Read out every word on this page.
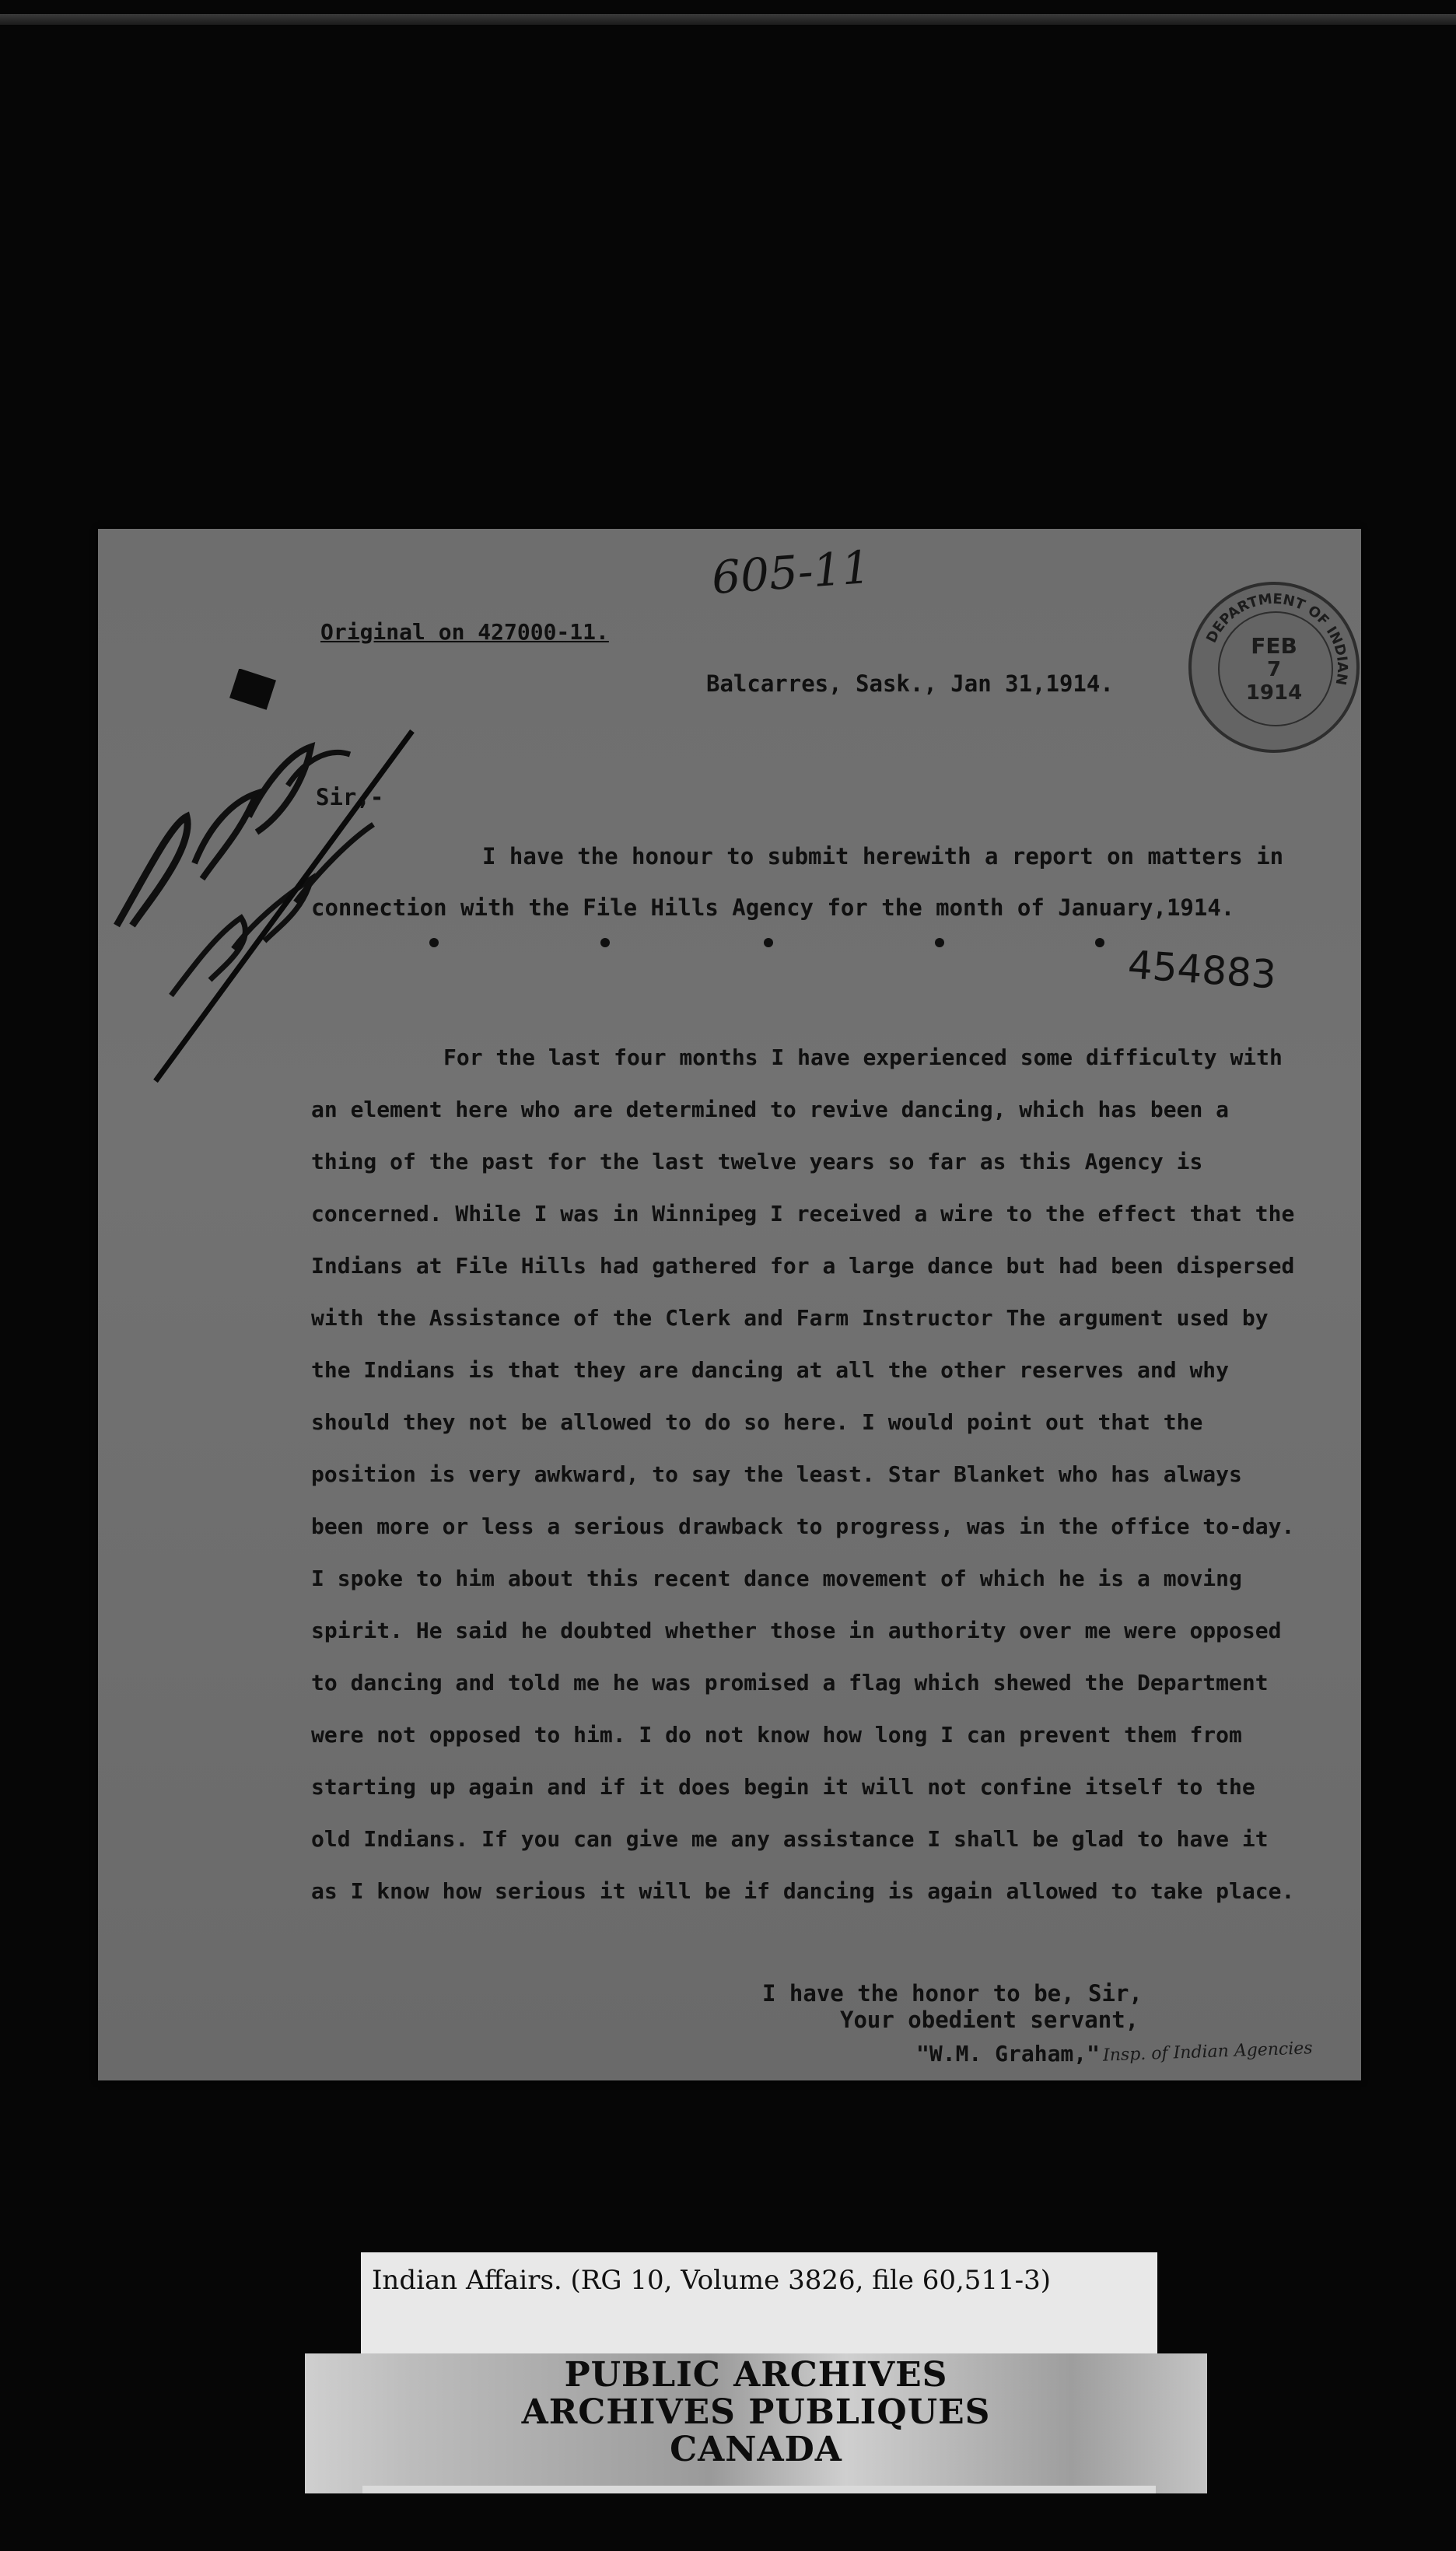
605-11
Original on 427000-11.
Balcarres, Sask., Jan 31,1914.
DEPARTMENT OF INDIAN
FEB
7
1914
Sir,-
I have the honour to submit herewith a report on matters in connection with the File Hills Agency for the month of January,1914.
454883
For the last four months I have experienced some difficulty with an element here who are determined to revive dancing, which has been a thing of the past for the last twelve years so far as this Agency is concerned. While I was in Winnipeg I received a wire to the effect that the Indians at File Hills had gathered for a large dance but had been dispersed with the Assistance of the Clerk and Farm Instructor The argument used by the Indians is that they are dancing at all the other reserves and why should they not be allowed to do so here. I would point out that the position is very awkward, to say the least. Star Blanket who has always been more or less a serious drawback to progress, was in the office to-day. I spoke to him about this recent dance movement of which he is a moving spirit. He said he doubted whether those in authority over me were opposed to dancing and told me he was promised a flag which shewed the Department were not opposed to him. I do not know how long I can prevent them from starting up again and if it does begin it will not confine itself to the old Indians. If you can give me any assistance I shall be glad to have it as I know how serious it will be if dancing is again allowed to take place.
I have the honor to be, Sir,
Your obedient servant,
"W.M. Graham," Insp. of Indian Agencies
Indian Affairs. (RG 10, Volume 3826, file 60,511-3)
PUBLIC ARCHIVES
ARCHIVES PUBLIQUES
CANADA
